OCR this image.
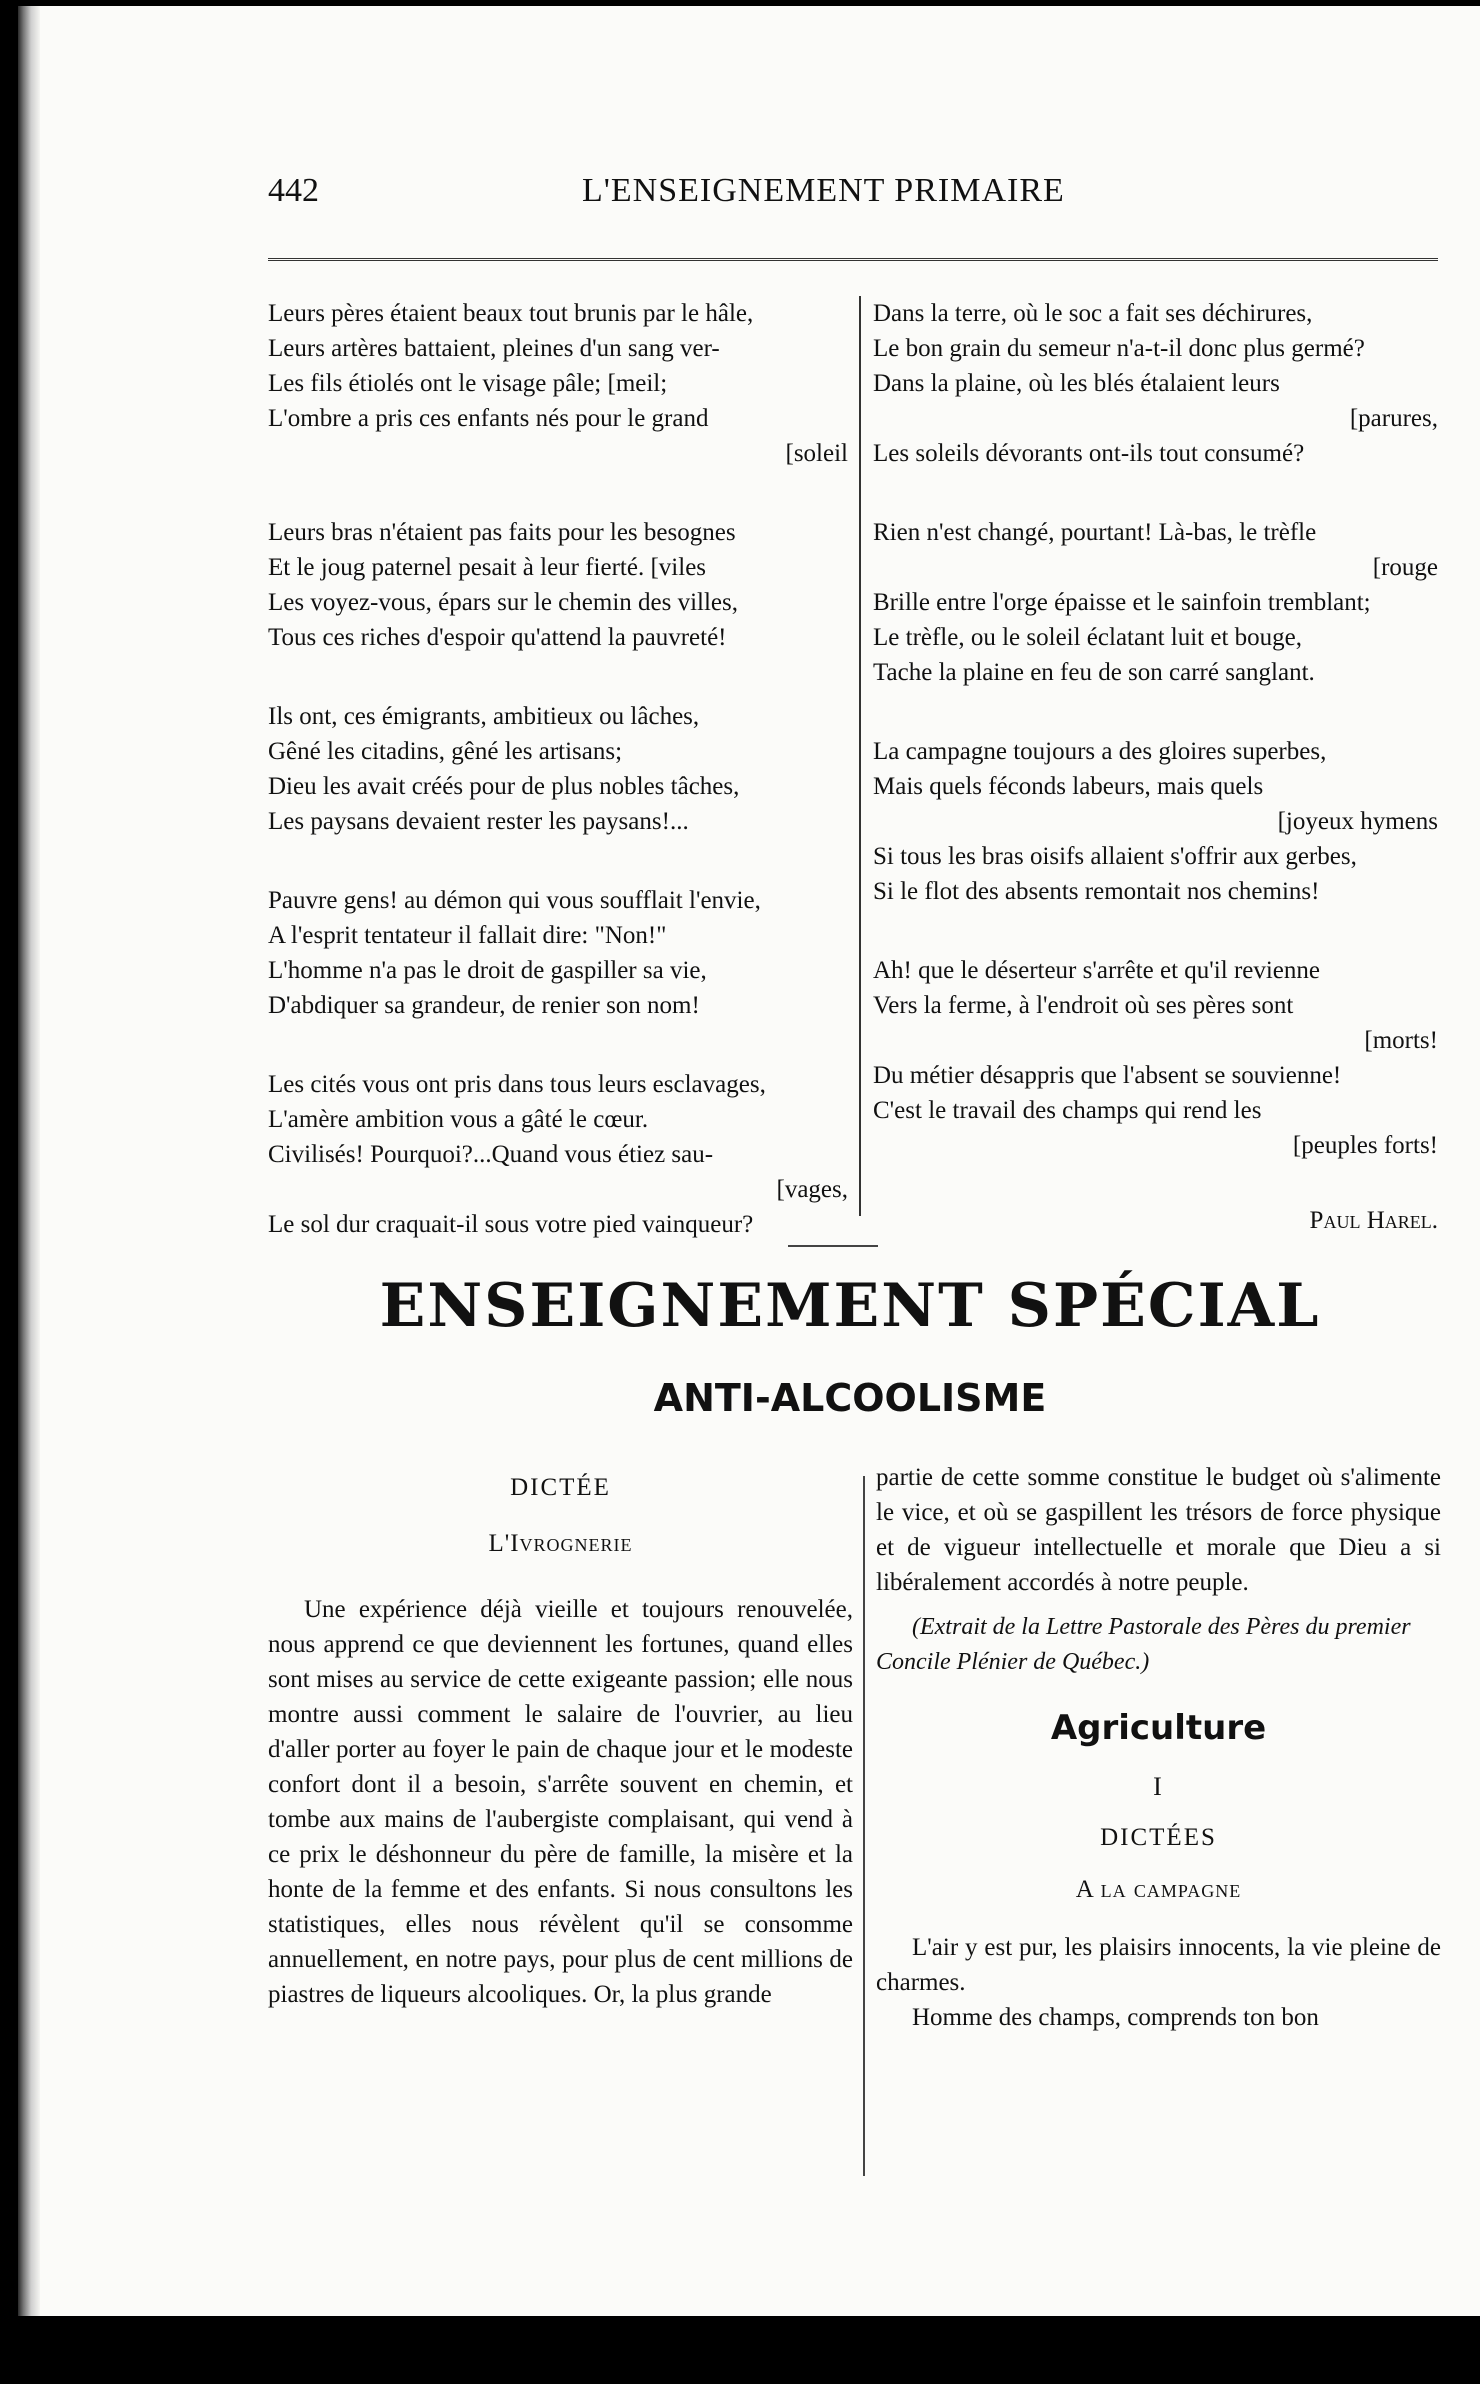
442	L'ENSEIGNEMENT PRIMAIRE
Leurs pères étaient beaux tout brunis par le hâle,
Leurs artères battaient, pleines d'un sang ver-
Les fils étiolés ont le visage pâle; [meil;
L'ombre a pris ces enfants nés pour le grand
[soleil
Leurs bras n'étaient pas faits pour les besognes
Et le joug paternel pesait à leur fierté. [viles
Les voyez-vous, épars sur le chemin des villes,
Tous ces riches d'espoir qu'attend la pauvreté!
Ils ont, ces émigrants, ambitieux ou lâches,
Gêné les citadins, gêné les artisans;
Dieu les avait créés pour de plus nobles tâches,
Les paysans devaient rester les paysans!...
Pauvre gens! au démon qui vous soufflait l'envie,
A l'esprit tentateur il fallait dire: "Non!"
L'homme n'a pas le droit de gaspiller sa vie,
D'abdiquer sa grandeur, de renier son nom!
Les cités vous ont pris dans tous leurs esclavages,
L'amère ambition vous a gâté le cœur.
Civilisés! Pourquoi?...Quand vous étiez sau-
[vages,
Le sol dur craquait-il sous votre pied vainqueur?
Dans la terre, où le soc a fait ses déchirures,
Le bon grain du semeur n'a-t-il donc plus germé?
Dans la plaine, où les blés étalaient leurs
[parures,
Les soleils dévorants ont-ils tout consumé?
Rien n'est changé, pourtant! Là-bas, le trèfle
[rouge
Brille entre l'orge épaisse et le sainfoin tremblant;
Le trèfle, ou le soleil éclatant luit et bouge,
Tache la plaine en feu de son carré sanglant.
La campagne toujours a des gloires superbes,
Mais quels féconds labeurs, mais quels
[joyeux hymens
Si tous les bras oisifs allaient s'offrir aux gerbes,
Si le flot des absents remontait nos chemins!
Ah! que le déserteur s'arrête et qu'il revienne
Vers la ferme, à l'endroit où ses pères sont
[morts!
Du métier désappris que l'absent se souvienne!
C'est le travail des champs qui rend les
[peuples forts!
Paul Harel.
ENSEIGNEMENT SPÉCIAL
ANTI-ALCOOLISME
DICTÉE
L'Ivrognerie

Une expérience déjà vieille et toujours renouvelée, nous apprend ce que deviennent les fortunes, quand elles sont mises au service de cette exigeante passion; elle nous montre aussi comment le salaire de l'ouvrier, au lieu d'aller porter au foyer le pain de chaque jour et le modeste confort dont il a besoin, s'arrête souvent en chemin, et tombe aux mains de l'aubergiste complaisant, qui vend à ce prix le déshonneur du père de famille, la misère et la honte de la femme et des enfants. Si nous consultons les statistiques, elles nous révèlent qu'il se consomme annuellement, en notre pays, pour plus de cent millions de piastres de liqueurs alcooliques. Or, la plus grande

partie de cette somme constitue le budget où s'alimente le vice, et où se gaspillent les trésors de force physique et de vigueur intellectuelle et morale que Dieu a si libéralement accordés à notre peuple.

(Extrait de la Lettre Pastorale des Pères du premier Concile Plénier de Québec.)

Agriculture
I
DICTÉES
A la campagne

L'air y est pur, les plaisirs innocents, la vie pleine de charmes.

Homme des champs, comprends ton bon
